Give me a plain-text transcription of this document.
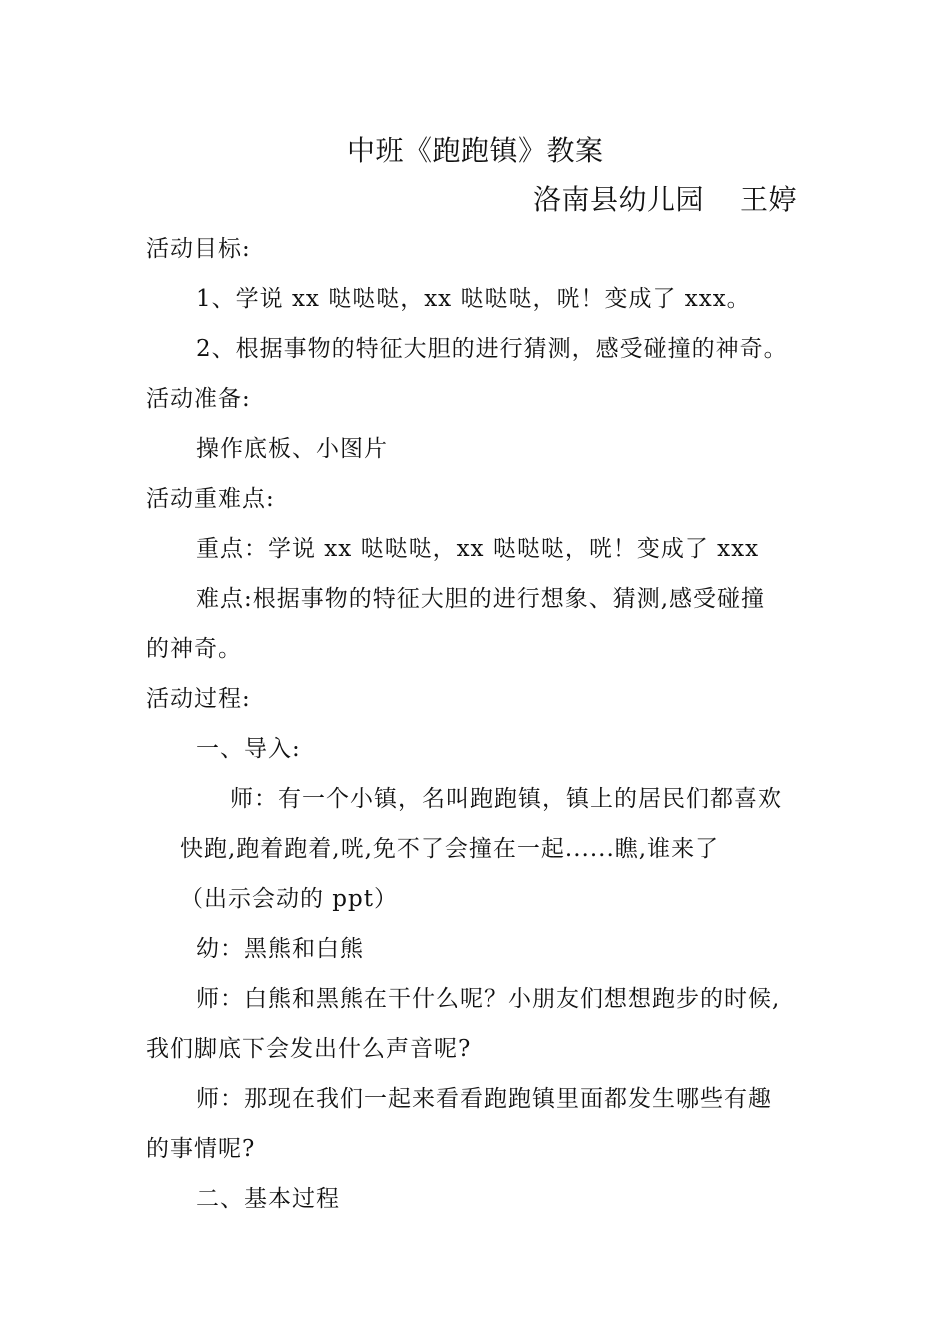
中班《跑跑镇》教案
洛南县幼儿园 王婷
活动目标:
1、学说 xx 哒哒哒，xx 哒哒哒，咣！变成了 xxx。
2、根据事物的特征大胆的进行猜测，感受碰撞的神奇。
活动准备:
操作底板、小图片
活动重难点:
重点：学说 xx 哒哒哒，xx 哒哒哒，咣！变成了 xxx
难点:根据事物的特征大胆的进行想象、猜测,感受碰撞
的神奇。
活动过程:
一、导入:
师：有一个小镇，名叫跑跑镇，镇上的居民们都喜欢
快跑,跑着跑着,咣,免不了会撞在一起......瞧,谁来了
（出示会动的 ppt）
幼：黑熊和白熊
师：白熊和黑熊在干什么呢？小朋友们想想跑步的时候,
我们脚底下会发出什么声音呢?
师：那现在我们一起来看看跑跑镇里面都发生哪些有趣
的事情呢?
二、基本过程
